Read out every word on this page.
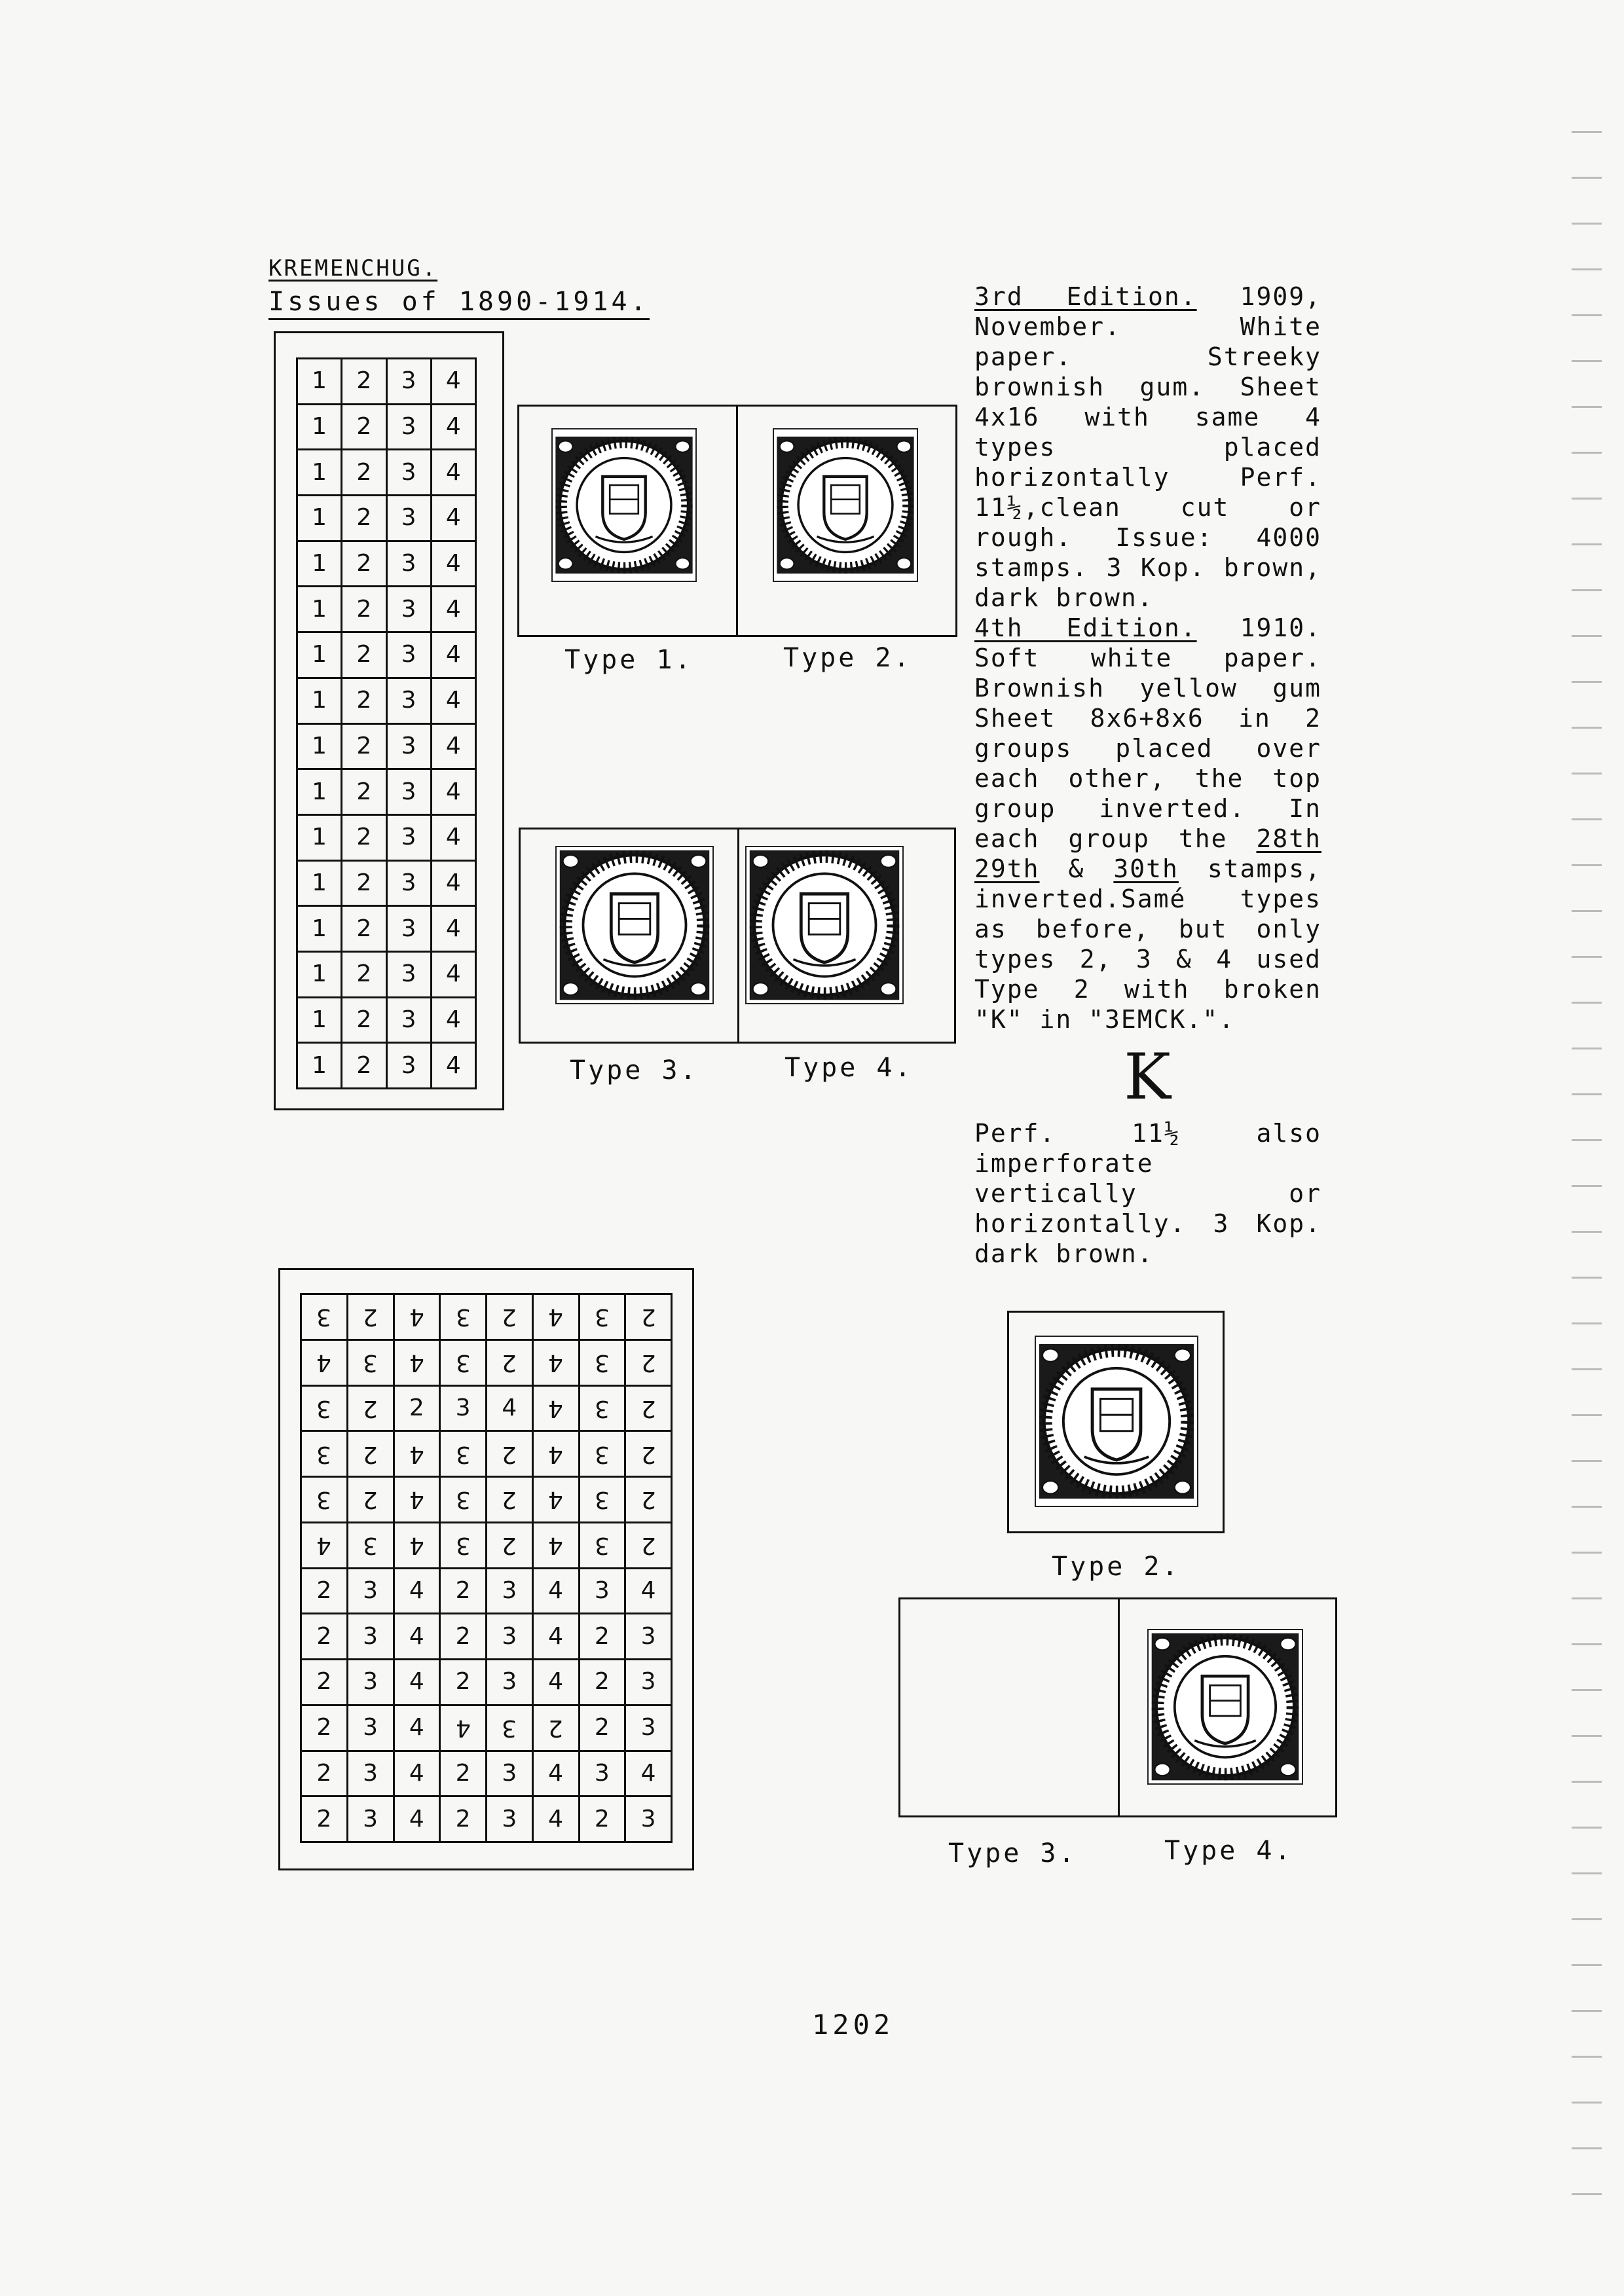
KREMENCHUG.
Issues of 1890-1914.
1	2	3	4
1	2	3	4
1	2	3	4
1	2	3	4
1	2	3	4
1	2	3	4
1	2	3	4
1	2	3	4
1	2	3	4
1	2	3	4
1	2	3	4
1	2	3	4
1	2	3	4
1	2	3	4
1	2	3	4
1	2	3	4
3	2	4	3	2	4	3	2
4	3	4	3	2	4	3	2
3	2	2	3	4	4	3	2
3	2	4	3	2	4	3	2
3	2	4	3	2	4	3	2
4	3	4	3	2	4	3	2
2	3	4	2	3	4	3	4
2	3	4	2	3	4	2	3
2	3	4	2	3	4	2	3
2	3	4	4	3	2	2	3
2	3	4	2	3	4	3	4
2	3	4	2	3	4	2	3
Type 1.	Type 2.
Type 3.	Type 4.
3rd Edition. 1909, November. White paper. Streeky brownish gum. Sheet 4x16 with same 4 types placed horizontally Perf. 11½,clean cut or rough. Issue: 4000 stamps. 3 Kop. brown, dark brown.
4th Edition. 1910. Soft white paper. Brownish yellow gum Sheet 8x6+8x6 in 2 groups placed over each other, the top group inverted. In each group the 28th 29th & 30th stamps, inverted.Samé types as before, but only types 2, 3 & 4 used Type 2 with broken "K" in "3EMCK.".
K
Perf. 11½ also imperforate vertically or horizontally. 3 Kop. dark brown.
Type 2.
Type 3.	Type 4.
1202
